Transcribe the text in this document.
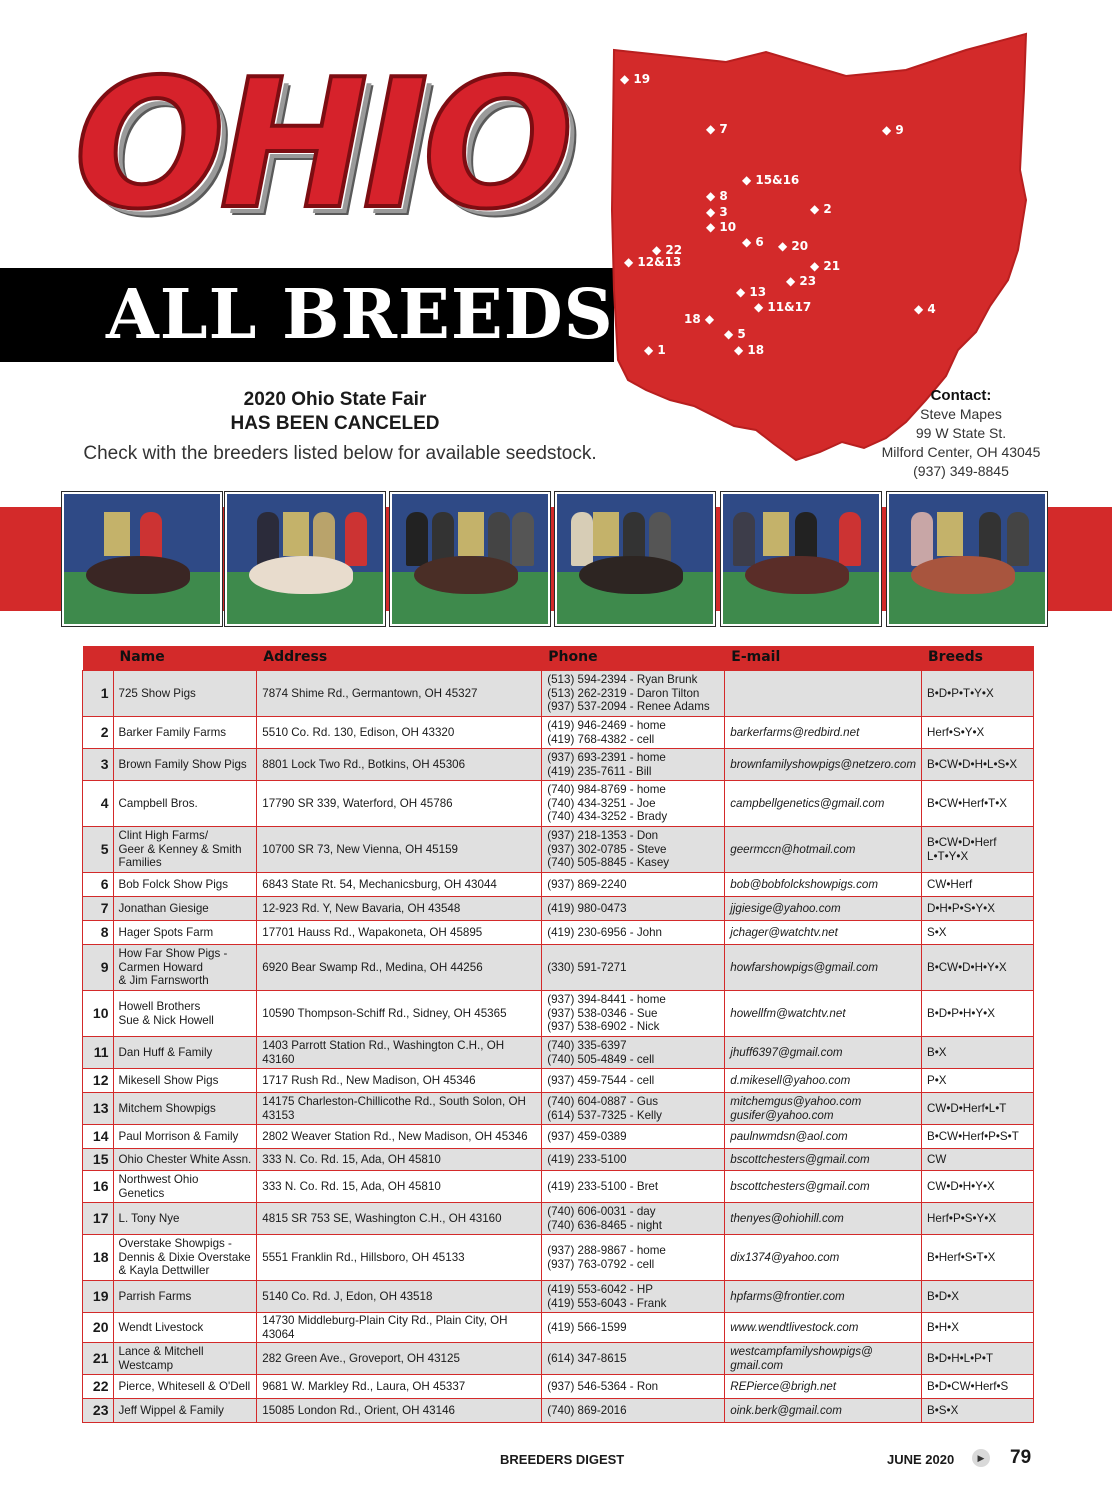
OHIO
ALL BREEDS
◆ 19
◆ 7	◆ 9
◆ 15&16
◆ 8
◆ 2
◆ 3
◆ 10
◆ 6 ◆ 20
◆ 22
◆ 12&13	◆ 21
◆ 23
◆ 13
◆ 11&17	◆ 4
18 ◆
◆ 5
◆ 1	◆ 18
2020 Ohio State Fair
HAS BEEN CANCELED
Check with the breeders listed below for available seedstock.
Contact:
Steve Mapes
99 W State St.
Milford Center, OH 43045
(937) 349-8845
	Name	Address	Phone	E-mail	Breeds
1	725 Show Pigs	7874 Shime Rd., Germantown, OH 45327	(513) 594-2394 - Ryan Brunk
(513) 262-2319 - Daron Tilton
(937) 537-2094 - Renee Adams		B•D•P•T•Y•X

2	Barker Family Farms	5510 Co. Rd. 130, Edison, OH 43320	(419) 946-2469 - home
(419) 768-4382 - cell	barkerfarms@redbird.net	Herf•S•Y•X

3	Brown Family Show Pigs	8801 Lock Two Rd., Botkins, OH 45306	(937) 693-2391 - home
(419) 235-7611 - Bill	brownfamilyshowpigs@netzero.com	B•CW•D•H•L•S•X

4	Campbell Bros.	17790 SR 339, Waterford, OH 45786	(740) 984-8769 - home
(740) 434-3251 - Joe
(740) 434-3252 - Brady	campbellgenetics@gmail.com	B•CW•Herf•T•X

5	Clint High Farms/
Geer & Kenney & Smith
Families	10700 SR 73, New Vienna, OH 45159	(937) 218-1353 - Don
(937) 302-0785 - Steve
(740) 505-8845 - Kasey	geermccn@hotmail.com	B•CW•D•Herf
L•T•Y•X

6	Bob Folck Show Pigs	6843 State Rt. 54, Mechanicsburg, OH 43044	(937) 869-2240	bob@bobfolckshowpigs.com	CW•Herf

7	Jonathan Giesige	12-923 Rd. Y, New Bavaria, OH 43548	(419) 980-0473	jjgiesige@yahoo.com	D•H•P•S•Y•X

8	Hager Spots Farm	17701 Hauss Rd., Wapakoneta, OH 45895	(419) 230-6956 - John	jchager@watchtv.net	S•X

9	How Far Show Pigs -
Carmen Howard
& Jim Farnsworth	6920 Bear Swamp Rd., Medina, OH 44256	(330) 591-7271	howfarshowpigs@gmail.com	B•CW•D•H•Y•X

10	Howell Brothers
Sue & Nick Howell	10590 Thompson-Schiff Rd., Sidney, OH 45365	(937) 394-8441 - home
(937) 538-0346 - Sue
(937) 538-6902 - Nick	howellfm@watchtv.net	B•D•P•H•Y•X

11	Dan Huff & Family	1403 Parrott Station Rd., Washington C.H., OH 43160	(740) 335-6397
(740) 505-4849 - cell	jhuff6397@gmail.com	B•X

12	Mikesell Show Pigs	1717 Rush Rd., New Madison, OH 45346	(937) 459-7544 - cell	d.mikesell@yahoo.com	P•X

13	Mitchem Showpigs	14175 Charleston-Chillicothe Rd., South Solon, OH 43153	(740) 604-0887 - Gus
(614) 537-7325 - Kelly	mitchemgus@yahoo.com
gusifer@yahoo.com	CW•D•Herf•L•T

14	Paul Morrison & Family	2802 Weaver Station Rd., New Madison, OH 45346	(937) 459-0389	paulnwmdsn@aol.com	B•CW•Herf•P•S•T

15	Ohio Chester White Assn.	333 N. Co. Rd. 15, Ada, OH 45810	(419) 233-5100	bscottchesters@gmail.com	CW

16	Northwest Ohio
Genetics	333 N. Co. Rd. 15, Ada, OH 45810	(419) 233-5100 - Bret	bscottchesters@gmail.com	CW•D•H•Y•X

17	L. Tony Nye	4815 SR 753 SE, Washington C.H., OH 43160	(740) 606-0031 - day
(740) 636-8465 - night	thenyes@ohiohill.com	Herf•P•S•Y•X

18	Overstake Showpigs -
Dennis & Dixie Overstake
& Kayla Dettwiller	5551 Franklin Rd., Hillsboro, OH 45133	(937) 288-9867 - home
(937) 763-0792 - cell	dix1374@yahoo.com	B•Herf•S•T•X

19	Parrish Farms	5140 Co. Rd. J, Edon, OH 43518	(419) 553-6042 - HP
(419) 553-6043 - Frank	hpfarms@frontier.com	B•D•X

20	Wendt Livestock	14730 Middleburg-Plain City Rd., Plain City, OH 43064	(419) 566-1599	www.wendtlivestock.com	B•H•X

21	Lance & Mitchell
Westcamp	282 Green Ave., Groveport, OH 43125	(614) 347-8615	westcampfamilyshowpigs@
gmail.com	B•D•H•L•P•T

22	Pierce, Whitesell & O'Dell	9681 W. Markley Rd., Laura, OH 45337	(937) 546-5364 - Ron	REPierce@brigh.net	B•D•CW•Herf•S

23	Jeff Wippel & Family	15085 London Rd., Orient, OH 43146	(740) 869-2016	oink.berk@gmail.com	B•S•X
BREEDERS DIGEST	JUNE 2020	▶ 79
